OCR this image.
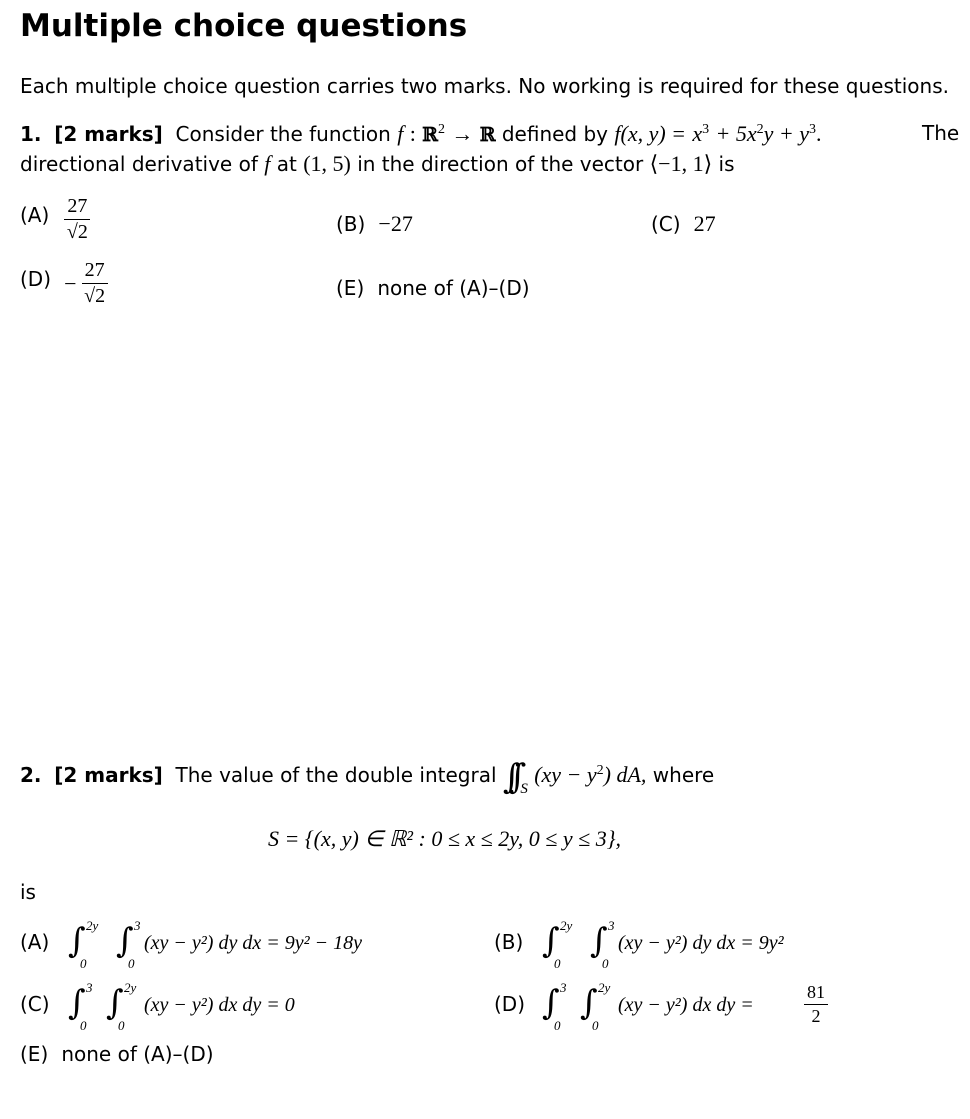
Multiple choice questions
Each multiple choice question carries two marks. No working is required for these questions.
1. [2 marks] Consider the function f : ℝ$^2$ → ℝ defined by f(x, $y) = x^3 + 5x^2y + y^3$.	The
directional derivative of f at (1, 5) in the direction of the vector ⟨−1, 1⟩ is
$(A) \frac{27}{√2}$	(B) −27	(C) 27
$(D) - \frac{27}{√2}$	(E) none of (A)–(D)
2. [2 marks] The value of the double integral ∫∫ $_S$ $(xy - y^2)$ dA, where
S = {(x, y) ∈ ℝ² : 0 ≤ x ≤ 2y, 0 ≤ y ≤ 3},
is
(A) ∫ 2y
0
∫ 3
0
(xy − y²) dy dx = 9y² − 18y	(B) ∫ 2y
0
∫ 3
0
(xy − y²) dy dx = 9y²
(C) ∫ 3
0
∫ 2y
0
(xy − y²) dx dy = 0	(D) ∫ 3
0
∫ 2y
0
(xy − y²) dx dy =	$\frac{81}{2}$
(E) none of (A)–(D)
